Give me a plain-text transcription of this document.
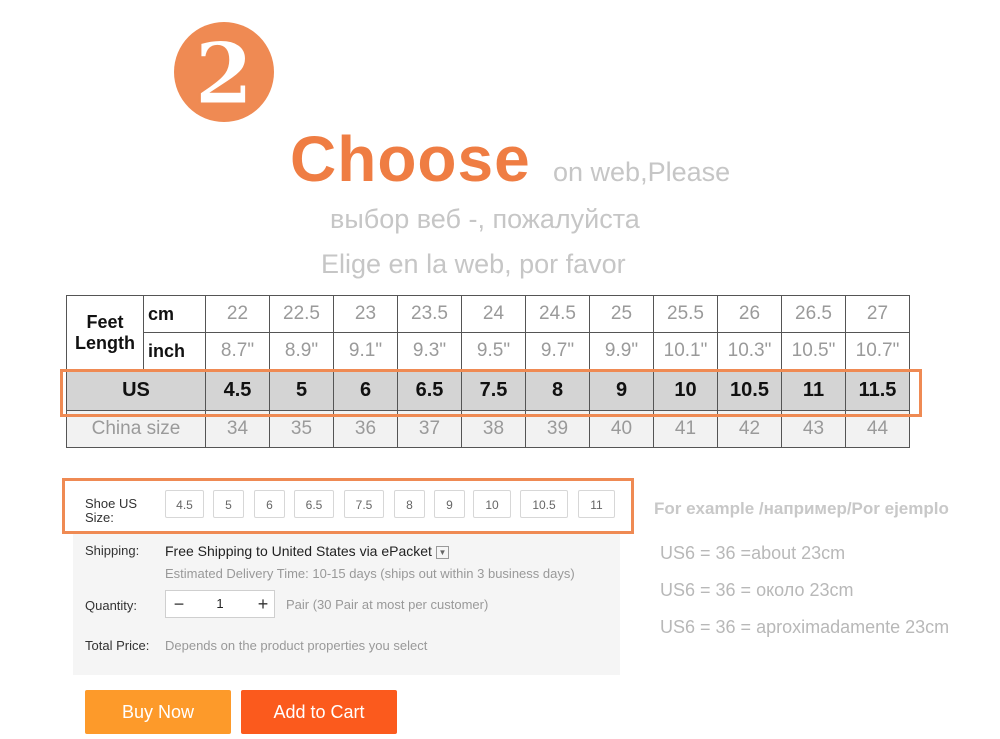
2
Choose on web,Please
выбор веб -, пожалуйста
Elige en la web, por favor
Feet Length	cm	22	22.5	23	23.5	24	24.5	25	25.5	26	26.5	27
	inch	8.7"	8.9"	9.1"	9.3"	9.5"	9.7"	9.9"	10.1"	10.3"	10.5"	10.7"
US		4.5	5	6	6.5	7.5	8	9	10	10.5	11	11.5
China size		34	35	36	37	38	39	40	41	42	43	44
Shoe US Size:
4.5	5	6	6.5	7.5	8	9	10	10.5	11
Shipping: Free Shipping to United States via ePacket ▼
Estimated Delivery Time: 10-15 days (ships out within 3 business days)
Quantity:	−	1	+	Pair (30 Pair at most per customer)
Total Price: Depends on the product properties you select
Buy Now	Add to Cart
For example /например/Por ejemplo
US6 = 36 =about 23cm
US6 = 36 = около 23cm
US6 = 36 = aproximadamente 23cm
